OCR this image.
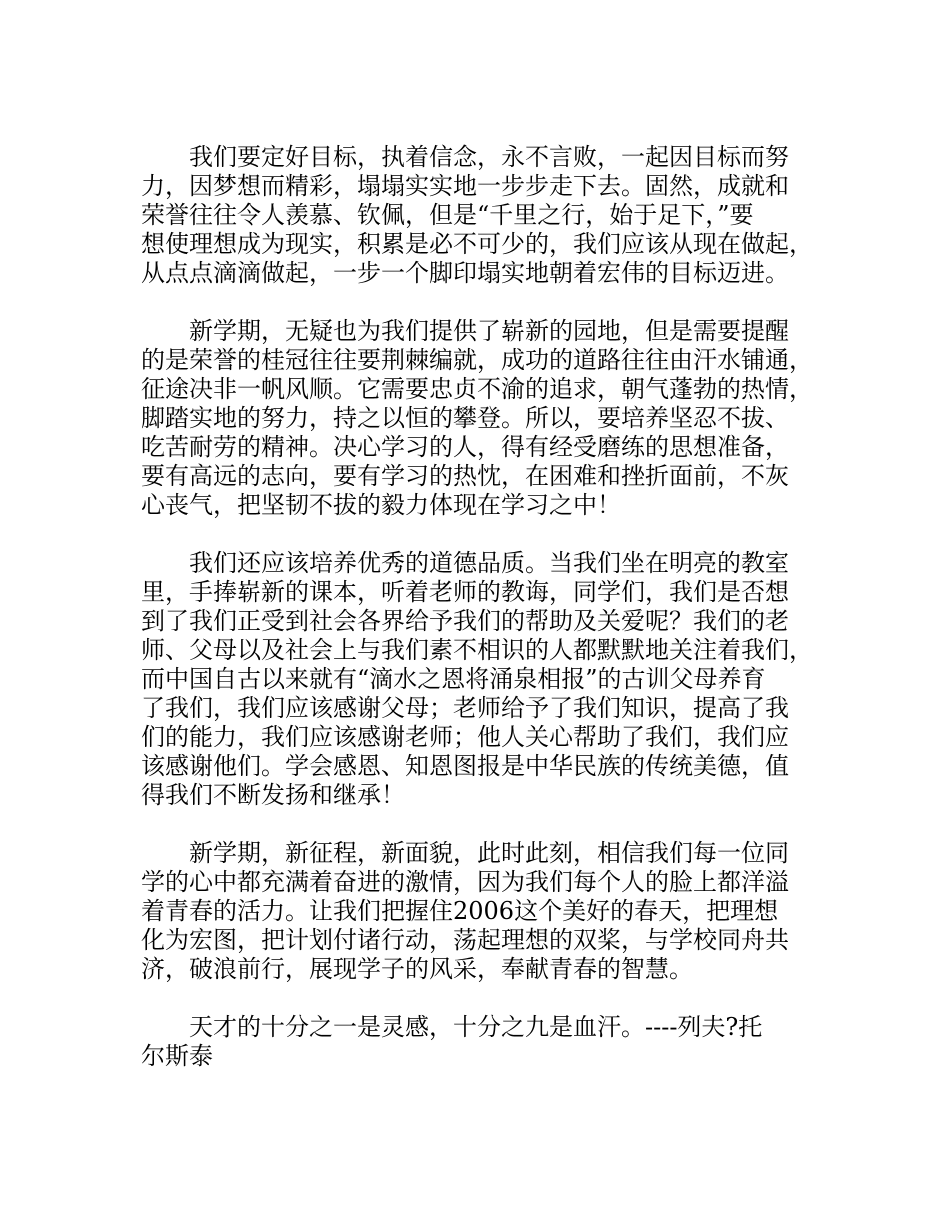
　　我们要定好目标，执着信念，永不言败，一起因目标而努
力，因梦想而精彩，塌塌实实地一步步走下去。固然，成就和
荣誉往往令人羡慕、钦佩，但是“千里之行，始于足下，”要
想使理想成为现实，积累是必不可少的，我们应该从现在做起，
从点点滴滴做起，一步一个脚印塌实地朝着宏伟的目标迈进。

　　新学期，无疑也为我们提供了崭新的园地，但是需要提醒
的是荣誉的桂冠往往要荆棘编就，成功的道路往往由汗水铺通，
征途决非一帆风顺。它需要忠贞不渝的追求，朝气蓬勃的热情，
脚踏实地的努力，持之以恒的攀登。所以，要培养坚忍不拔、
吃苦耐劳的精神。决心学习的人，得有经受磨练的思想准备，
要有高远的志向，要有学习的热忱，在困难和挫折面前，不灰
心丧气，把坚韧不拔的毅力体现在学习之中！

　　我们还应该培养优秀的道德品质。当我们坐在明亮的教室
里，手捧崭新的课本，听着老师的教诲，同学们，我们是否想
到了我们正受到社会各界给予我们的帮助及关爱呢？我们的老
师、父母以及社会上与我们素不相识的人都默默地关注着我们，
而中国自古以来就有“滴水之恩将涌泉相报”的古训父母养育
了我们，我们应该感谢父母；老师给予了我们知识，提高了我
们的能力，我们应该感谢老师；他人关心帮助了我们，我们应
该感谢他们。学会感恩、知恩图报是中华民族的传统美德，值
得我们不断发扬和继承！

　　新学期，新征程，新面貌，此时此刻，相信我们每一位同
学的心中都充满着奋进的激情，因为我们每个人的脸上都洋溢
着青春的活力。让我们把握住2006这个美好的春天，把理想
化为宏图，把计划付诸行动，荡起理想的双桨，与学校同舟共
济，破浪前行，展现学子的风采，奉献青春的智慧。

　　天才的十分之一是灵感，十分之九是血汗。----列夫?托
尔斯泰
